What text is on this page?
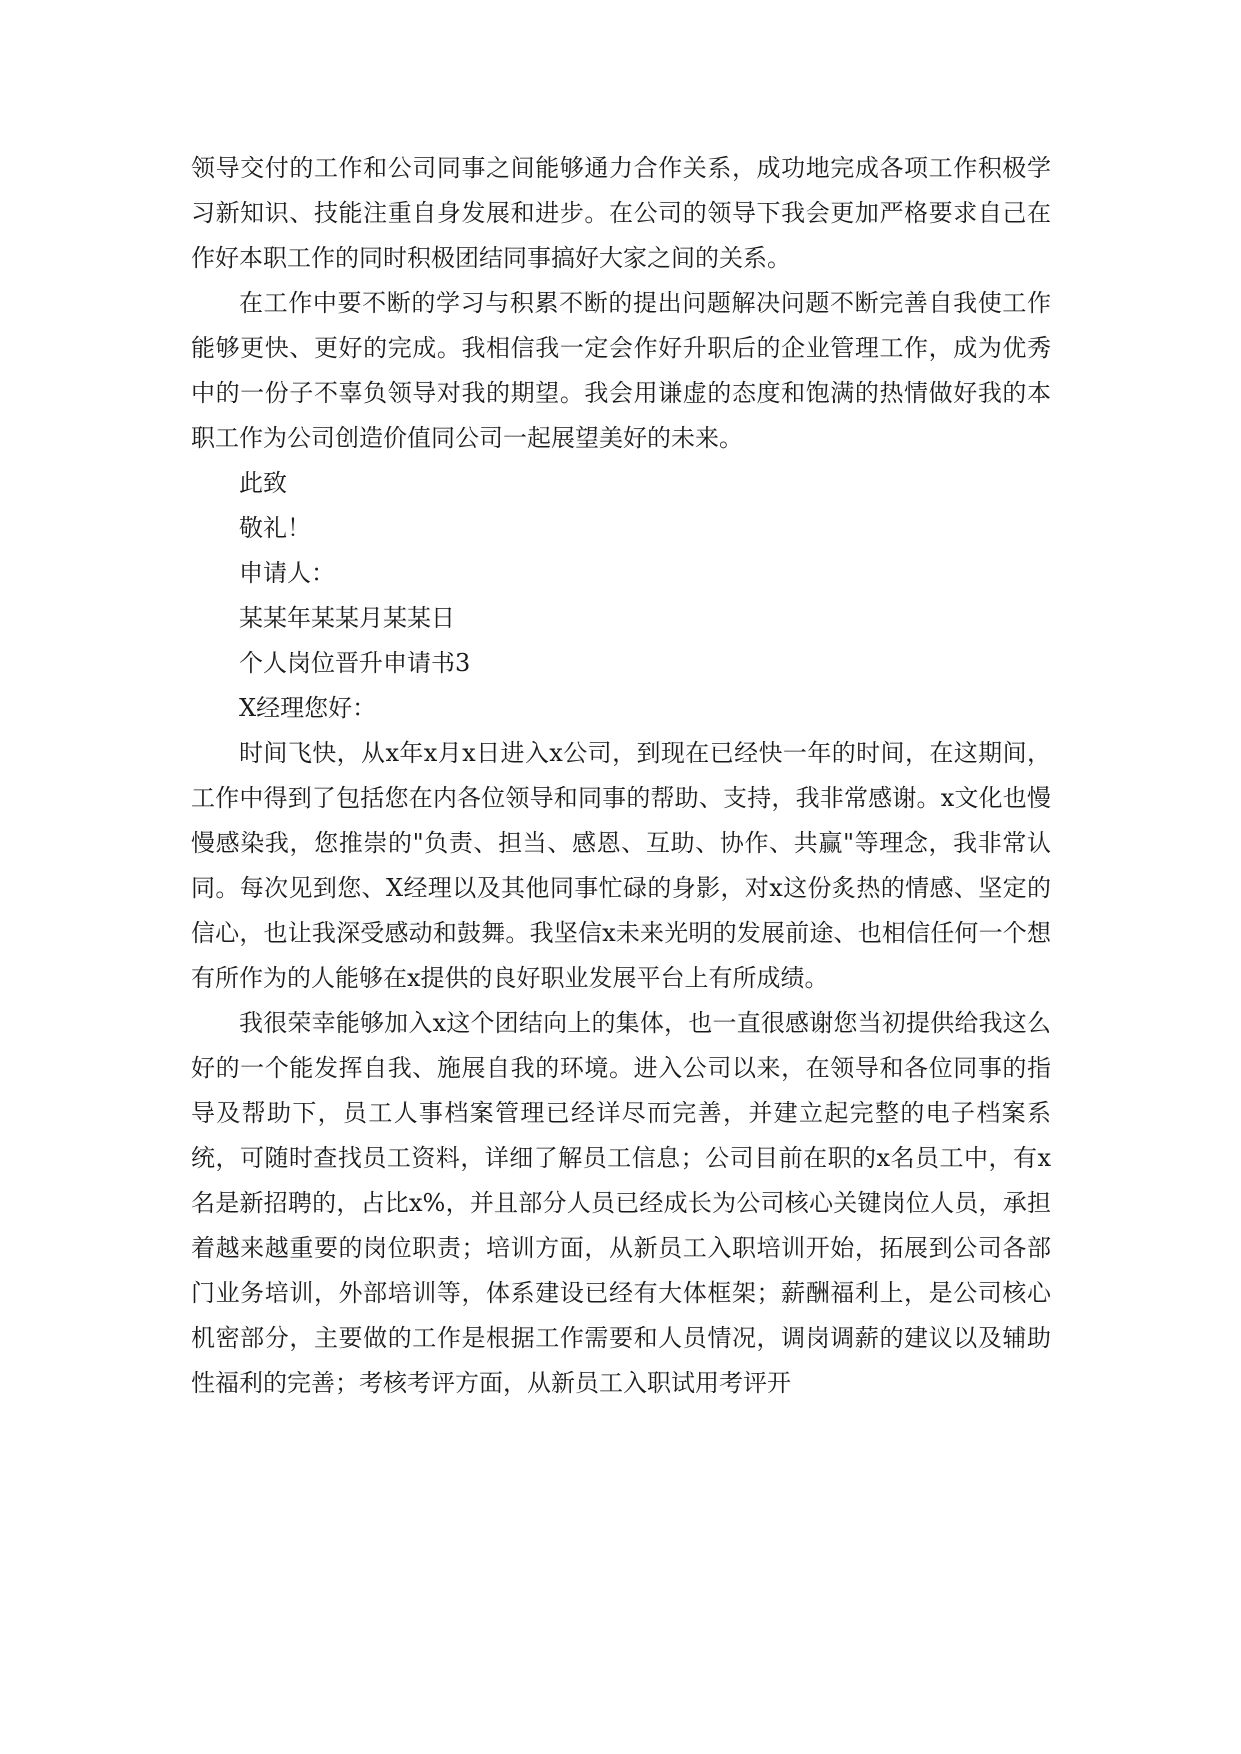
领导交付的工作和公司同事之间能够通力合作关系，成功地完成各项工作积极学习新知识、技能注重自身发展和进步。在公司的领导下我会更加严格要求自己在作好本职工作的同时积极团结同事搞好大家之间的关系。

在工作中要不断的学习与积累不断的提出问题解决问题不断完善自我使工作能够更快、更好的完成。我相信我一定会作好升职后的企业管理工作，成为优秀中的一份子不辜负领导对我的期望。我会用谦虚的态度和饱满的热情做好我的本职工作为公司创造价值同公司一起展望美好的未来。

此致

敬礼！

申请人：

某某年某某月某某日

个人岗位晋升申请书3

X经理您好：

时间飞快，从x年x月x日进入x公司，到现在已经快一年的时间，在这期间，工作中得到了包括您在内各位领导和同事的帮助、支持，我非常感谢。x文化也慢慢感染我，您推崇的"负责、担当、感恩、互助、协作、共赢"等理念，我非常认同。每次见到您、X经理以及其他同事忙碌的身影，对x这份炙热的情感、坚定的信心，也让我深受感动和鼓舞。我坚信x未来光明的发展前途、也相信任何一个想有所作为的人能够在x提供的良好职业发展平台上有所成绩。

我很荣幸能够加入x这个团结向上的集体，也一直很感谢您当初提供给我这么好的一个能发挥自我、施展自我的环境。进入公司以来，在领导和各位同事的指导及帮助下，员工人事档案管理已经详尽而完善，并建立起完整的电子档案系统，可随时查找员工资料，详细了解员工信息；公司目前在职的x名员工中，有x名是新招聘的，占比x%，并且部分人员已经成长为公司核心关键岗位人员，承担着越来越重要的岗位职责；培训方面，从新员工入职培训开始，拓展到公司各部门业务培训，外部培训等，体系建设已经有大体框架；薪酬福利上，是公司核心机密部分，主要做的工作是根据工作需要和人员情况，调岗调薪的建议以及辅助性福利的完善；考核考评方面，从新员工入职试用考评开
